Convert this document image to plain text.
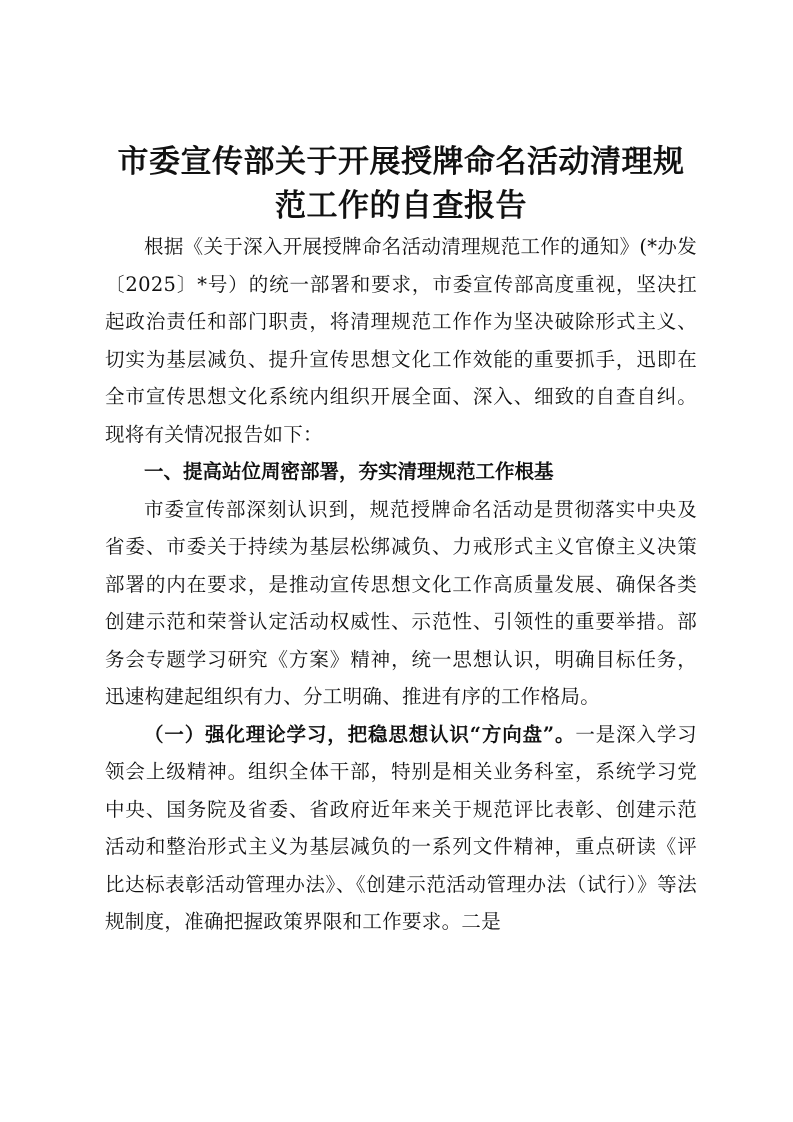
市委宣传部关于开展授牌命名活动清理规范工作的自查报告

根据《关于深入开展授牌命名活动清理规范工作的通知》(*办发〔2025〕*号）的统一部署和要求，市委宣传部高度重视，坚决扛起政治责任和部门职责，将清理规范工作作为坚决破除形式主义、切实为基层减负、提升宣传思想文化工作效能的重要抓手，迅即在全市宣传思想文化系统内组织开展全面、深入、细致的自查自纠。现将有关情况报告如下：

一、提高站位周密部署，夯实清理规范工作根基

市委宣传部深刻认识到，规范授牌命名活动是贯彻落实中央及省委、市委关于持续为基层松绑减负、力戒形式主义官僚主义决策部署的内在要求，是推动宣传思想文化工作高质量发展、确保各类创建示范和荣誉认定活动权威性、示范性、引领性的重要举措。部务会专题学习研究《方案》精神，统一思想认识，明确目标任务，迅速构建起组织有力、分工明确、推进有序的工作格局。

（一）强化理论学习，把稳思想认识“方向盘”。一是深入学习领会上级精神。组织全体干部，特别是相关业务科室，系统学习党中央、国务院及省委、省政府近年来关于规范评比表彰、创建示范活动和整治形式主义为基层减负的一系列文件精神，重点研读《评比达标表彰活动管理办法》、《创建示范活动管理办法（试行）》等法规制度，准确把握政策界限和工作要求。二是
